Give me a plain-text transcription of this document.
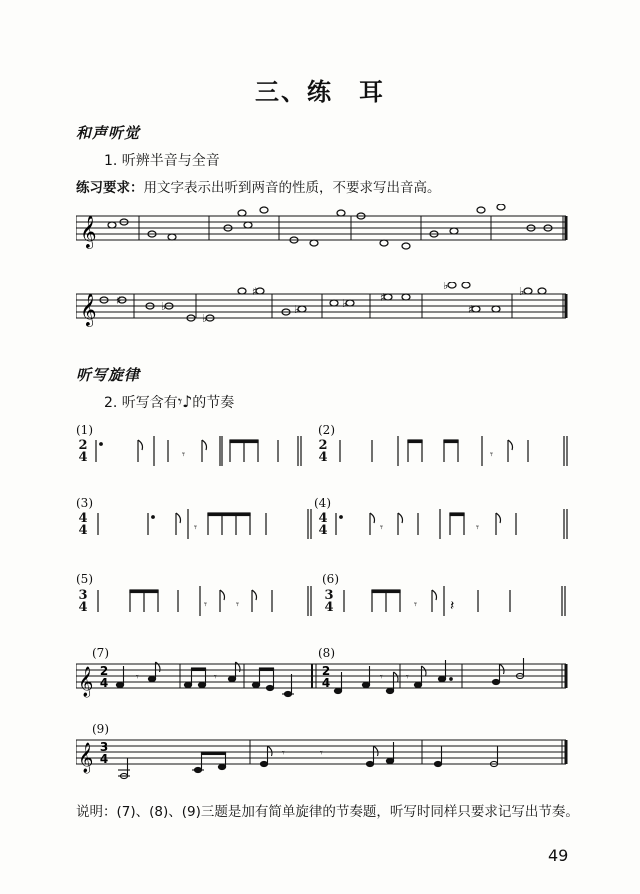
三、练　耳
和声听觉
1. 听辨半音与全音
练习要求：用文字表示出听到两音的性质，不要求写出音高。
𝄞
𝄞 ♯	♭
♭
♯
♭	♭	♯
♭
♯
♭
听写旋律
2. 听写含有𝄾♪的节奏
(1)
2
4	𝄾
(2)
2
4	𝄾
(3)
4
4	𝄾
(4)
4
4	𝄾	𝄾
(5)
3
4	𝄾	𝄾
(6)
3
4	𝄾 𝄽
(7)	(8)
𝄞 2
4
2
4
𝄾	𝄾	𝄾 𝄾
(9)
𝄞 3
4	𝄾	𝄾
说明：(7)、(8)、(9)三题是加有简单旋律的节奏题，听写时同样只要求记写出节奏。
49
